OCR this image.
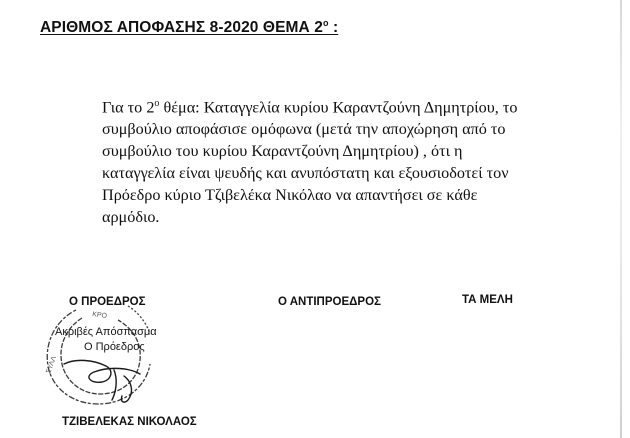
ΑΡΙΘΜΟΣ ΑΠΟΦΑΣΗΣ 8-2020 ΘΕΜΑ $2^o$ :
Για το $2^o$ θέμα: Καταγγελία κυρίου Καραντζούνη Δημητρίου, το
συμβούλιο αποφάσισε ομόφωνα (μετά την αποχώρηση από το
συμβούλιο του κυρίου Καραντζούνη Δημητρίου) , ότι η
καταγγελία είναι ψευδής και ανυπόστατη και εξουσιοδοτεί τον
Πρόεδρο κύριο Τζιβελέκα Νικόλαο να απαντήσει σε κάθε
αρμόδιο.
Ο ΠΡΟΕΔΡΟΣ	Ο ΑΝΤΙΠΡΟΕΔΡΟΣ	ΤΑ ΜΕΛΗ
ΚΡΟ
ΣΥΛΛ
Ακριβές Απόσπασμα
Ο Πρόεδρος
ΤΖΙΒΕΛΕΚΑΣ ΝΙΚΟΛΑΟΣ
